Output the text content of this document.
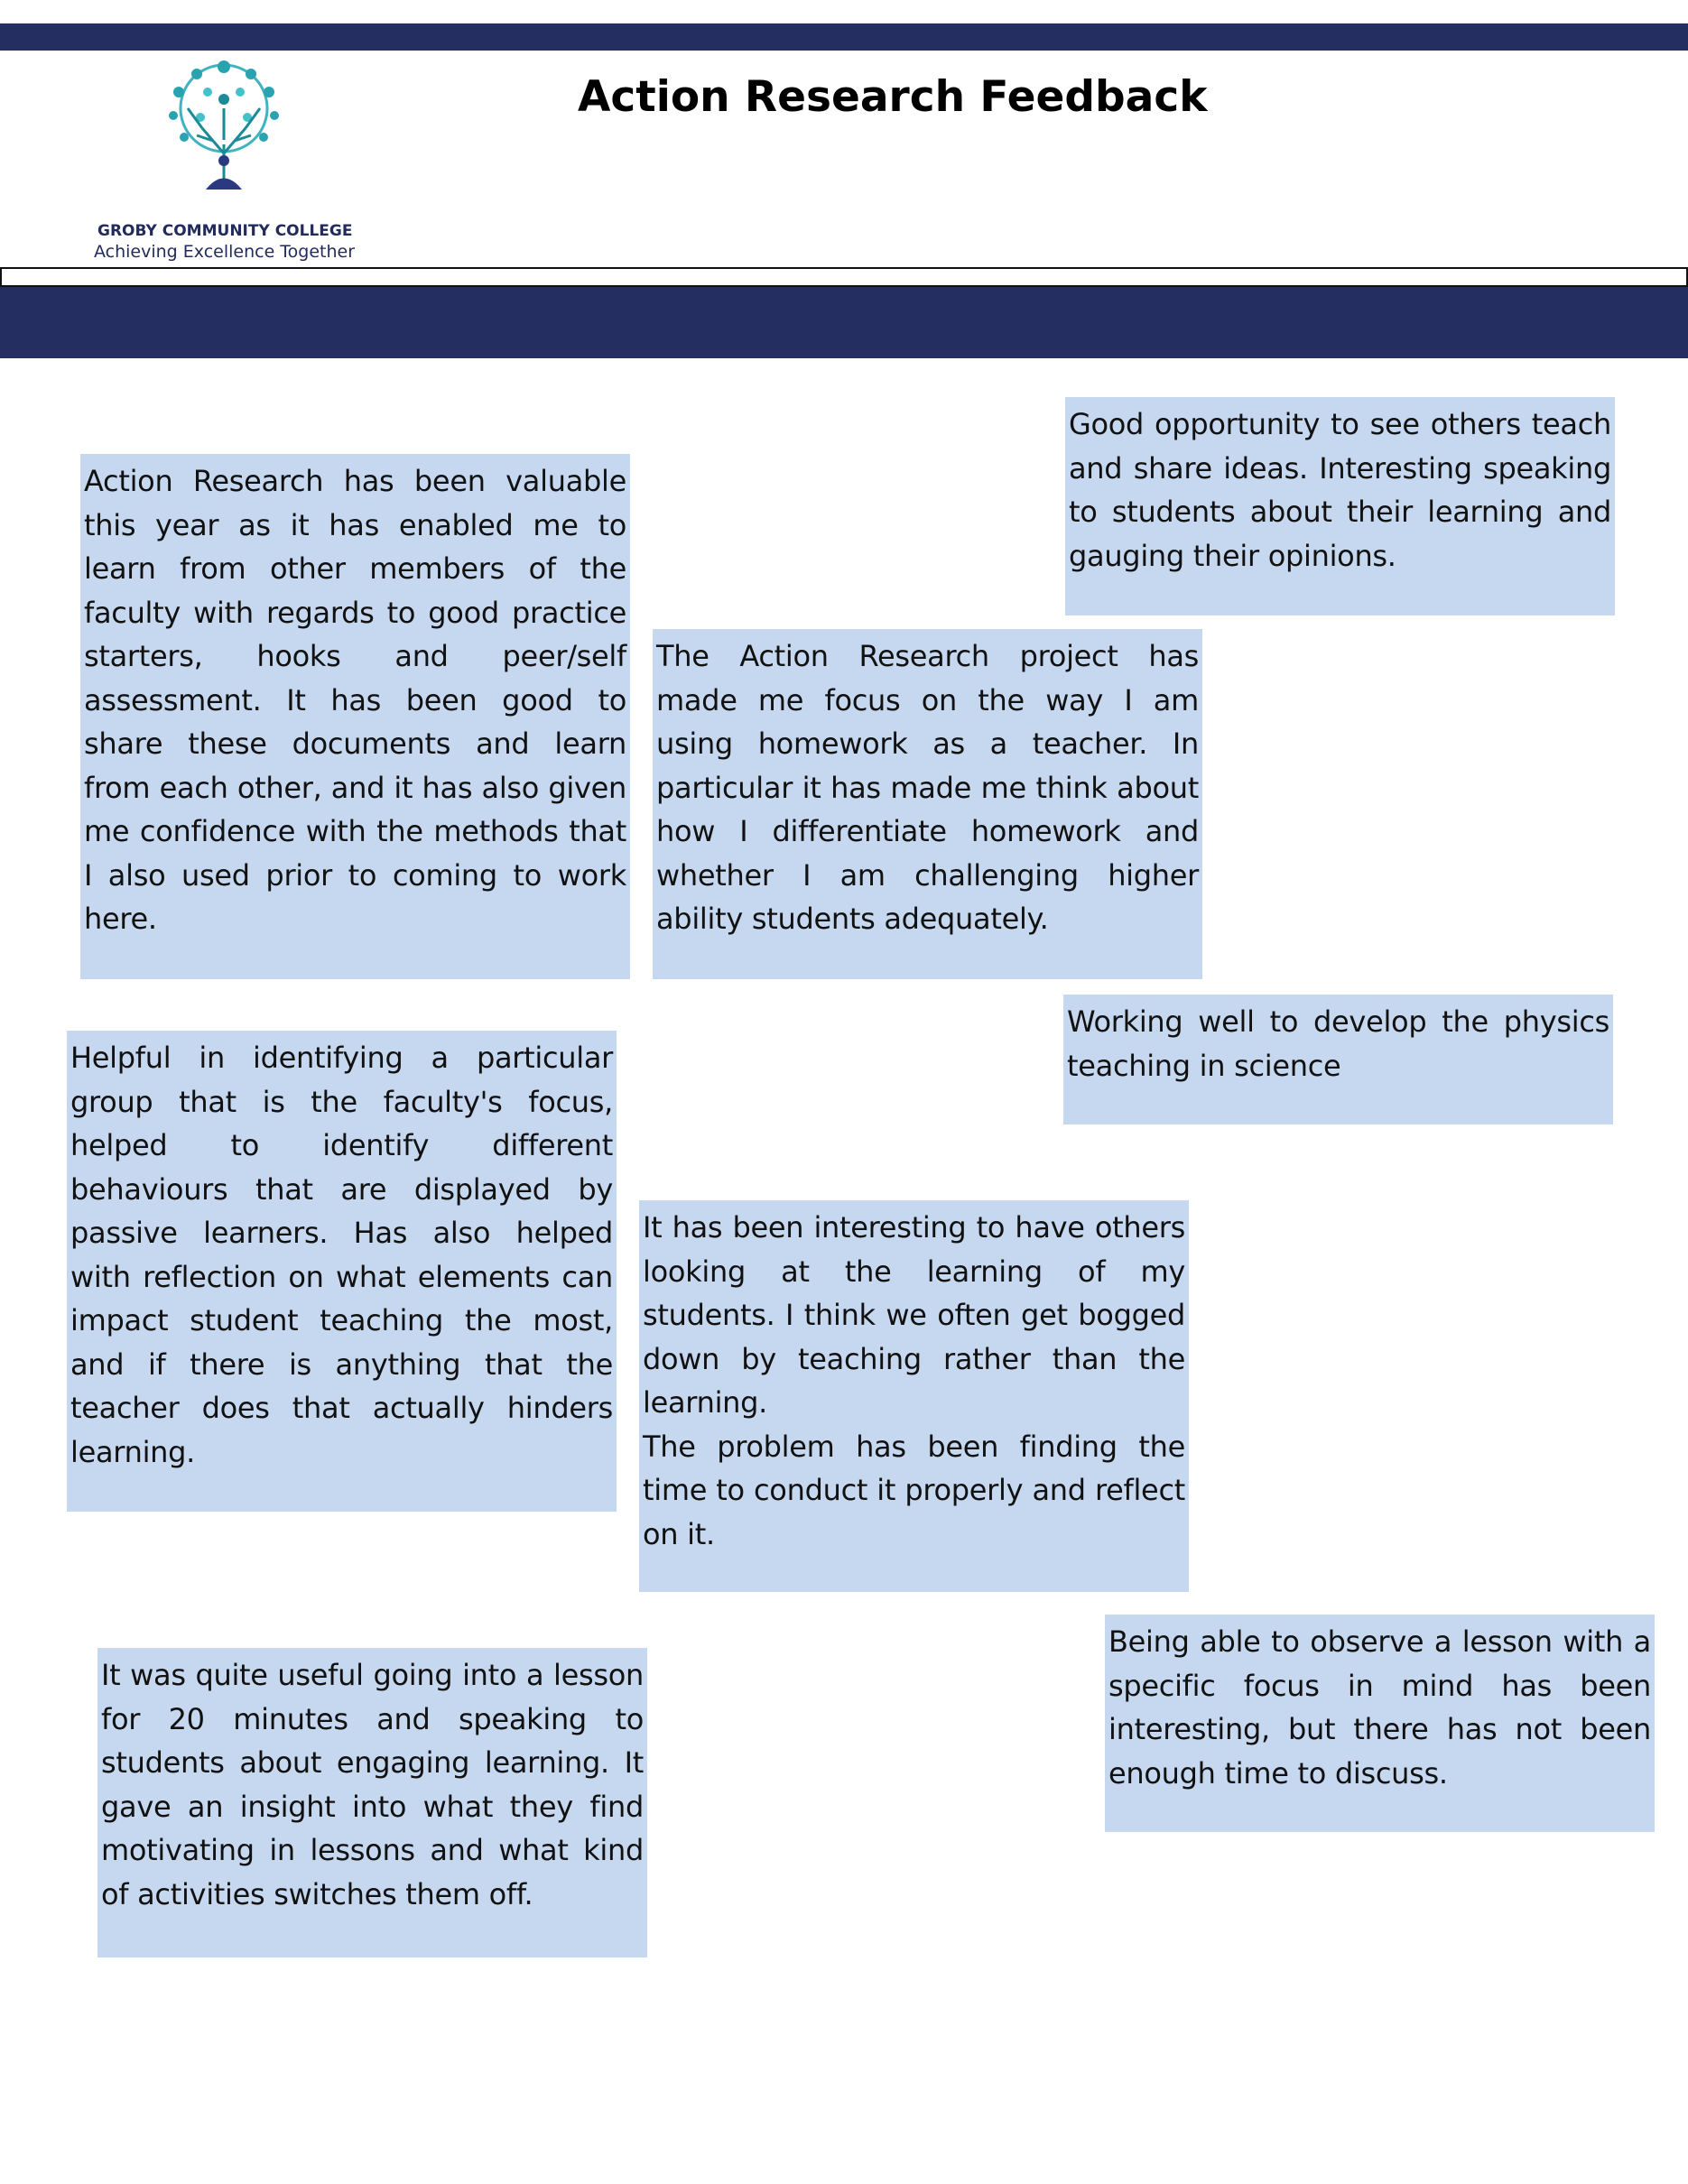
GROBY COMMUNITY COLLEGE
Achieving Excellence Together
Action Research Feedback

Good opportunity to see others teach and share ideas. Interesting speaking to students about their learning and gauging their opinions.

Action Research has been valuable this year as it has enabled me to learn from other members of the faculty with regards to good practice starters, hooks and peer/self assessment. It has been good to share these documents and learn from each other, and it has also given me confidence with the methods that I also used prior to coming to work here.

The Action Research project has made me focus on the way I am using homework as a teacher. In particular it has made me think about how I differentiate homework and whether I am challenging higher ability students adequately.

Working well to develop the physics teaching in science

Helpful in identifying a particular group that is the faculty's focus, helped to identify different behaviours that are displayed by passive learners. Has also helped with reflection on what elements can impact student teaching the most, and if there is anything that the teacher does that actually hinders learning.

It has been interesting to have others looking at the learning of my students. I think we often get bogged down by teaching rather than the learning.
The problem has been finding the time to conduct it properly and reflect on it.

It was quite useful going into a lesson for 20 minutes and speaking to students about engaging learning. It gave an insight into what they find motivating in lessons and what kind of activities switches them off.

Being able to observe a lesson with a specific focus in mind has been interesting, but there has not been enough time to discuss.
